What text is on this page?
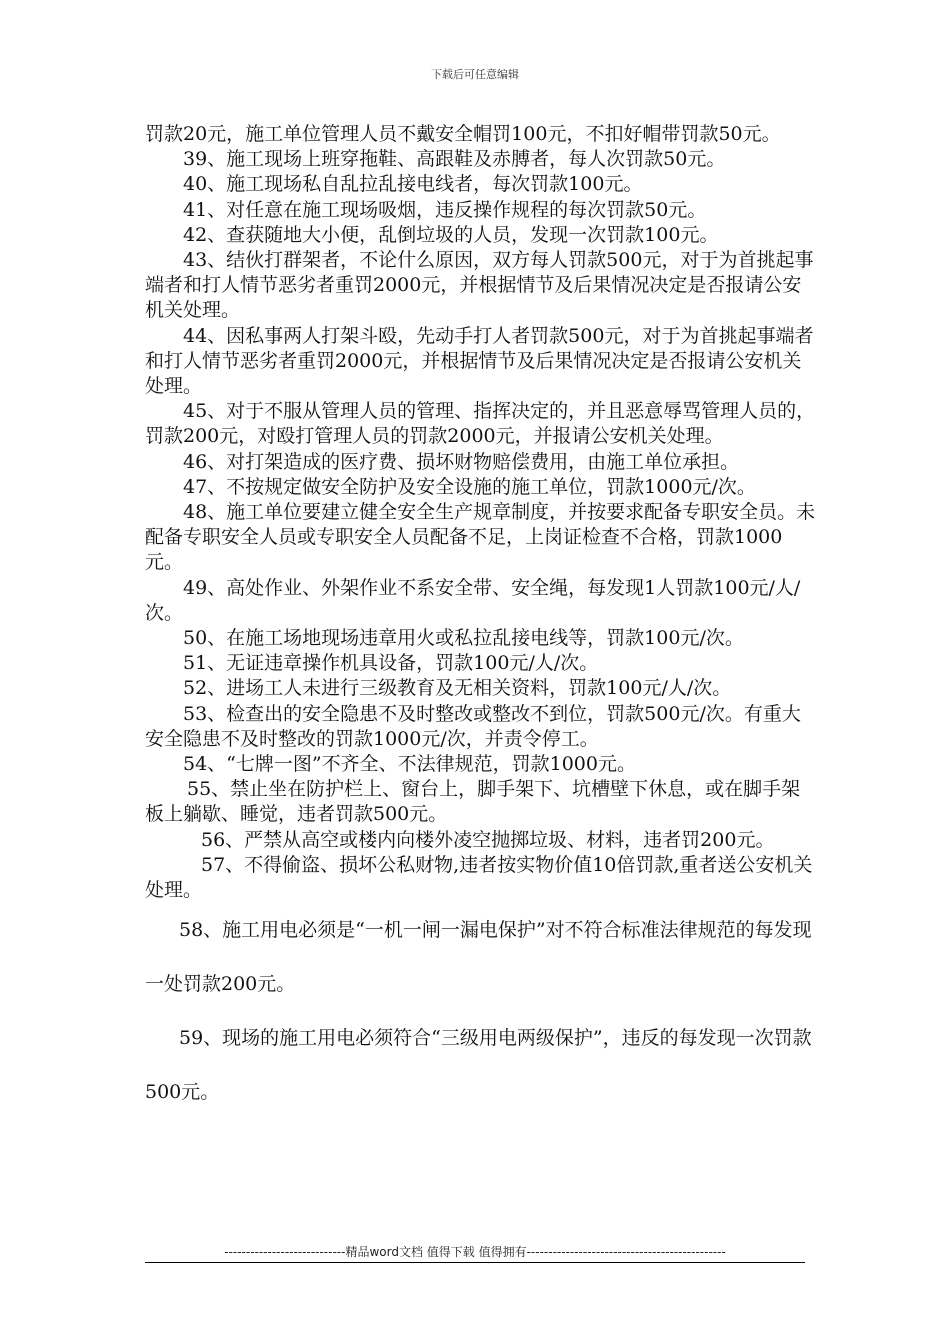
下载后可任意编辑

罚款20元，施工单位管理人员不戴安全帽罚100元，不扣好帽带罚款50元。

39、施工现场上班穿拖鞋、高跟鞋及赤膊者，每人次罚款50元。

40、施工现场私自乱拉乱接电线者，每次罚款100元。

41、对任意在施工现场吸烟，违反操作规程的每次罚款50元。

42、查获随地大小便，乱倒垃圾的人员，发现一次罚款100元。

43、结伙打群架者，不论什么原因，双方每人罚款500元，对于为首挑起事端者和打人情节恶劣者重罚2000元，并根据情节及后果情况决定是否报请公安机关处理。

44、因私事两人打架斗殴，先动手打人者罚款500元，对于为首挑起事端者和打人情节恶劣者重罚2000元，并根据情节及后果情况决定是否报请公安机关处理。

45、对于不服从管理人员的管理、指挥决定的，并且恶意辱骂管理人员的，罚款200元，对殴打管理人员的罚款2000元，并报请公安机关处理。

46、对打架造成的医疗费、损坏财物赔偿费用，由施工单位承担。

47、不按规定做安全防护及安全设施的施工单位，罚款1000元/次。

48、施工单位要建立健全安全生产规章制度，并按要求配备专职安全员。未配备专职安全人员或专职安全人员配备不足，上岗证检查不合格，罚款1000元。

49、高处作业、外架作业不系安全带、安全绳，每发现1人罚款100元/人/次。

50、在施工场地现场违章用火或私拉乱接电线等，罚款100元/次。

51、无证违章操作机具设备，罚款100元/人/次。

52、进场工人未进行三级教育及无相关资料，罚款100元/人/次。

53、检查出的安全隐患不及时整改或整改不到位，罚款500元/次。有重大安全隐患不及时整改的罚款1000元/次，并责令停工。

54、“七牌一图”不齐全、不法律规范，罚款1000元。

55、禁止坐在防护栏上、窗台上，脚手架下、坑槽壁下休息，或在脚手架板上躺歇、睡觉，违者罚款500元。

56、严禁从高空或楼内向楼外凌空抛掷垃圾、材料，违者罚200元。

57、不得偷盗、损坏公私财物,违者按实物价值10倍罚款,重者送公安机关处理。

58、施工用电必须是“一机一闸一漏电保护”对不符合标准法律规范的每发现一处罚款200元。

59、现场的施工用电必须符合“三级用电两级保护”，违反的每发现一次罚款500元。

----------------------------精品word文档 值得下载 值得拥有----------------------------------------------
